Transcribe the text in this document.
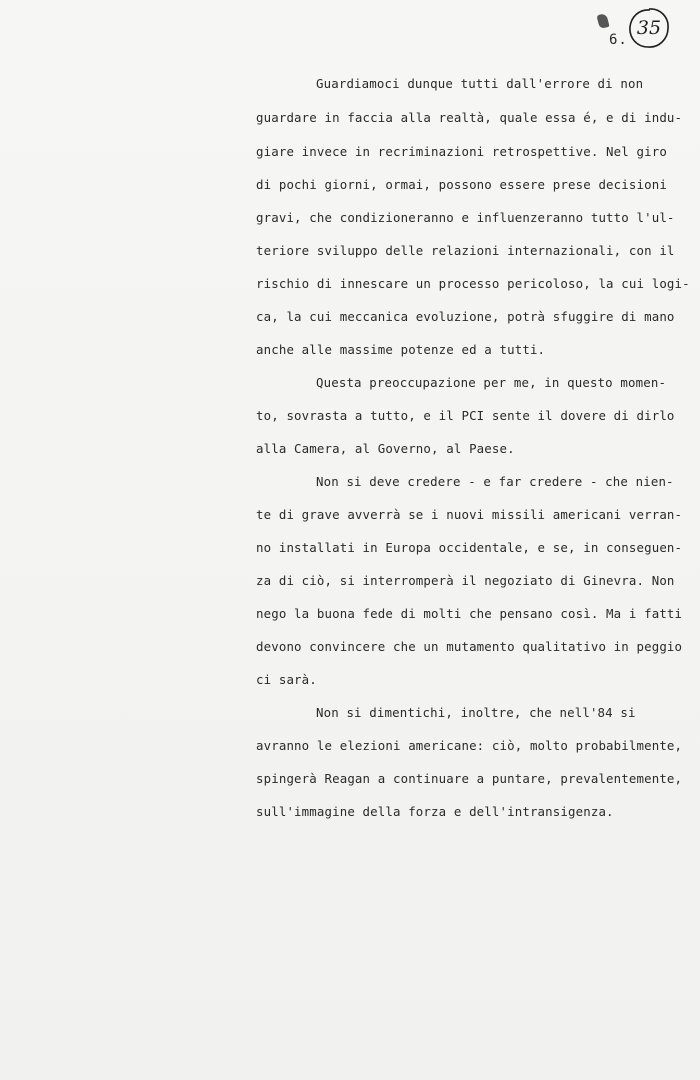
6.
35
Guardiamoci dunque tutti dall'errore di non
guardare in faccia alla realtà, quale essa é, e di indu-
giare invece in recriminazioni retrospettive. Nel giro
di pochi giorni, ormai, possono essere prese decisioni
gravi, che condizioneranno e influenzeranno tutto l'ul-
teriore sviluppo delle relazioni internazionali, con il
rischio di innescare un processo pericoloso, la cui logi-
ca, la cui meccanica evoluzione, potrà sfuggire di mano
anche alle massime potenze ed a tutti.
Questa preoccupazione per me, in questo momen-
to, sovrasta a tutto, e il PCI sente il dovere di dirlo
alla Camera, al Governo, al Paese.
Non si deve credere - e far credere - che nien-
te di grave avverrà se i nuovi missili americani verran-
no installati in Europa occidentale, e se, in conseguen-
za di ciò, si interromperà il negoziato di Ginevra. Non
nego la buona fede di molti che pensano così. Ma i fatti
devono convincere che un mutamento qualitativo in peggio
ci sarà.
Non si dimentichi, inoltre, che nell'84 si
avranno le elezioni americane: ciò, molto probabilmente,
spingerà Reagan a continuare a puntare, prevalentemente,
sull'immagine della forza e dell'intransigenza.
